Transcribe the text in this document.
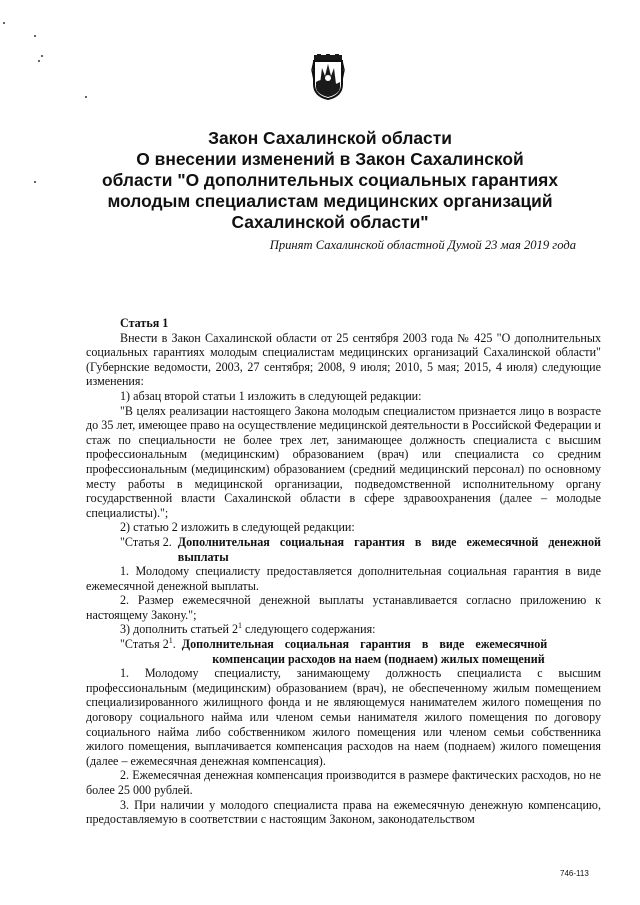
Закон Сахалинской области
О внесении изменений в Закон Сахалинской
области "О дополнительных социальных гарантиях
молодым специалистам медицинских организаций
Сахалинской области"
Принят Сахалинской областной Думой 23 мая 2019 года

Статья 1

Внести в Закон Сахалинской области от 25 сентября 2003 года № 425 "О дополнительных социальных гарантиях молодым специалистам медицинских организаций Сахалинской области" (Губернские ведомости, 2003, 27 сентября; 2008, 9 июля; 2010, 5 мая; 2015, 4 июля) следующие изменения:

1) абзац второй статьи 1 изложить в следующей редакции:

"В целях реализации настоящего Закона молодым специалистом признается лицо в возрасте до 35 лет, имеющее право на осуществление медицинской деятельности в Российской Федерации и стаж по специальности не более трех лет, занимающее должность специалиста с высшим профессиональным (медицинским) образованием (врач) или специалиста со средним профессиональным (медицинским) образованием (средний медицинский персонал) по основному месту работы в медицинской организации, подведомственной исполнительному органу государственной власти Сахалинской области в сфере здравоохранения (далее – молодые специалисты).";

2) статью 2 изложить в следующей редакции:

"Статья 2. Дополнительная социальная гарантия в виде ежемесячной денежной выплаты

1. Молодому специалисту предоставляется дополнительная социальная гарантия в виде ежемесячной денежной выплаты.

2. Размер ежемесячной денежной выплаты устанавливается согласно приложению к настоящему Закону.";

3) дополнить статьей $2^1$ следующего содержания:

"Статья $2^1$. Дополнительная социальная гарантия в виде ежемесячной

компенсации расходов на наем (поднаем) жилых помещений

1. Молодому специалисту, занимающему должность специалиста с высшим профессиональным (медицинским) образованием (врач), не обеспеченному жилым помещением специализированного жилищного фонда и не являющемуся нанимателем жилого помещения по договору социального найма или членом семьи нанимателя жилого помещения по договору социального найма либо собственником жилого помещения или членом семьи собственника жилого помещения, выплачивается компенсация расходов на наем (поднаем) жилого помещения (далее – ежемесячная денежная компенсация).

2. Ежемесячная денежная компенсация производится в размере фактических расходов, но не более 25 000 рублей.

3. При наличии у молодого специалиста права на ежемесячную денежную компенсацию, предоставляемую в соответствии с настоящим Законом, законодательством

746-113
